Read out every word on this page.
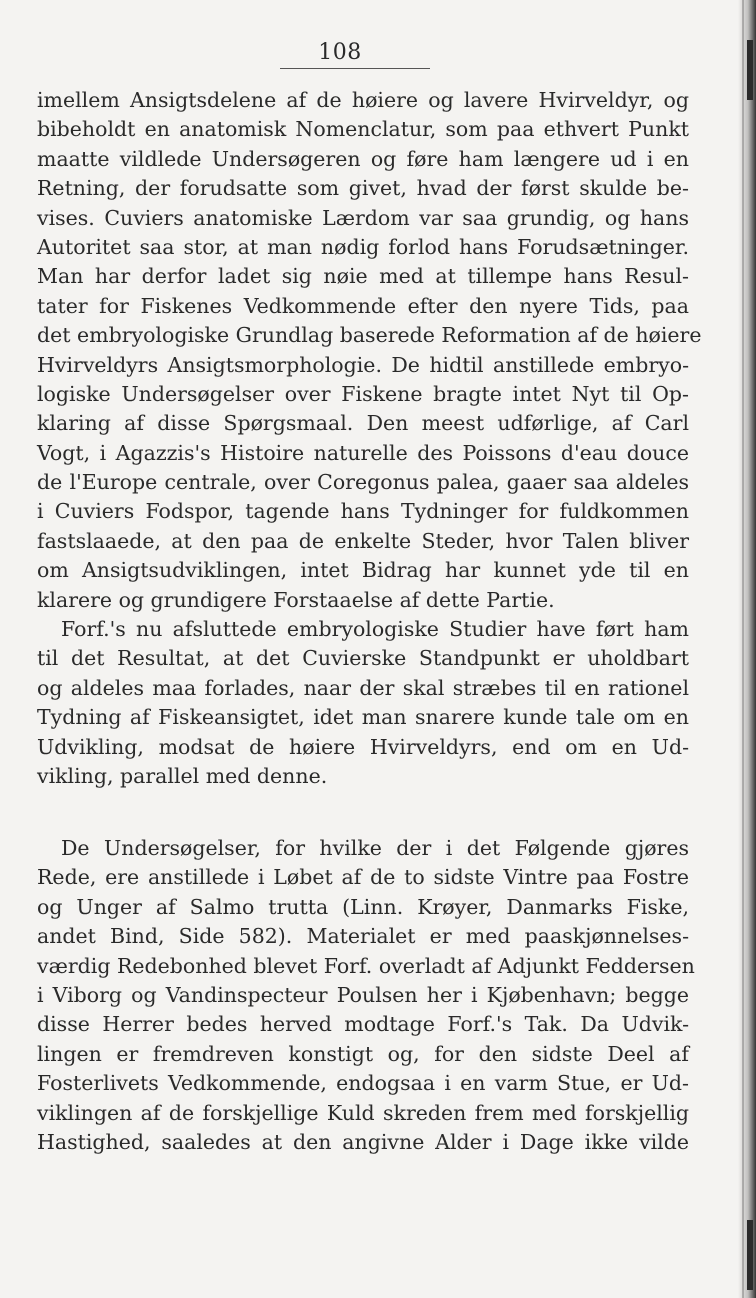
108
imellem Ansigtsdelene af de høiere og lavere Hvirveldyr, og
bibeholdt en anatomisk Nomenclatur, som paa ethvert Punkt
maatte vildlede Undersøgeren og føre ham længere ud i en
Retning, der forudsatte som givet, hvad der først skulde be-
vises. Cuviers anatomiske Lærdom var saa grundig, og hans
Autoritet saa stor, at man nødig forlod hans Forudsætninger.
Man har derfor ladet sig nøie med at tillempe hans Resul-
tater for Fiskenes Vedkommende efter den nyere Tids, paa
det embryologiske Grundlag baserede Reformation af de høiere
Hvirveldyrs Ansigtsmorphologie. De hidtil anstillede embryo-
logiske Undersøgelser over Fiskene bragte intet Nyt til Op-
klaring af disse Spørgsmaal. Den meest udførlige, af Carl
Vogt, i Agazzis's Histoire naturelle des Poissons d'eau douce
de l'Europe centrale, over Coregonus palea, gaaer saa aldeles
i Cuviers Fodspor, tagende hans Tydninger for fuldkommen
fastslaaede, at den paa de enkelte Steder, hvor Talen bliver
om Ansigtsudviklingen, intet Bidrag har kunnet yde til en
klarere og grundigere Forstaaelse af dette Partie.
Forf.'s nu afsluttede embryologiske Studier have ført ham
til det Resultat, at det Cuvierske Standpunkt er uholdbart
og aldeles maa forlades, naar der skal stræbes til en rationel
Tydning af Fiskeansigtet, idet man snarere kunde tale om en
Udvikling, modsat de høiere Hvirveldyrs, end om en Ud-
vikling, parallel med denne.
De Undersøgelser, for hvilke der i det Følgende gjøres
Rede, ere anstillede i Løbet af de to sidste Vintre paa Fostre
og Unger af Salmo trutta (Linn. Krøyer, Danmarks Fiske,
andet Bind, Side 582). Materialet er med paaskjønnelses-
værdig Redebonhed blevet Forf. overladt af Adjunkt Feddersen
i Viborg og Vandinspecteur Poulsen her i Kjøbenhavn; begge
disse Herrer bedes herved modtage Forf.'s Tak. Da Udvik-
lingen er fremdreven konstigt og, for den sidste Deel af
Fosterlivets Vedkommende, endogsaa i en varm Stue, er Ud-
viklingen af de forskjellige Kuld skreden frem med forskjellig
Hastighed, saaledes at den angivne Alder i Dage ikke vilde
